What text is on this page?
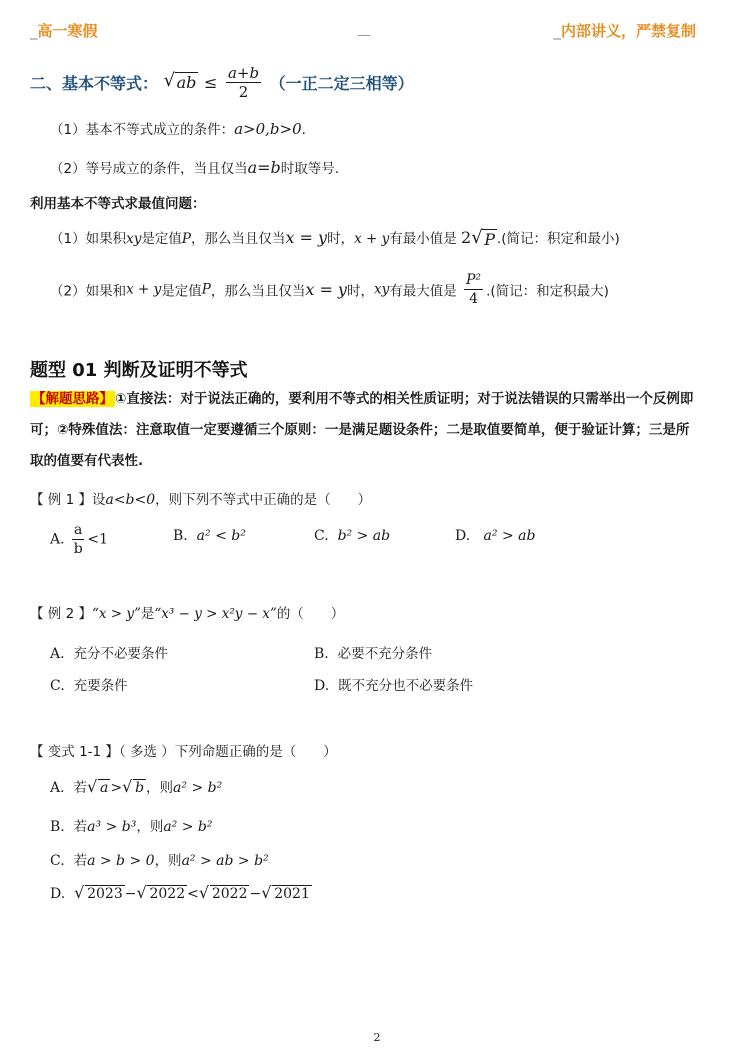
_高一寒假	__	_内部讲义，严禁复制
二、基本不等式： √ ab ≤ $\frac{a+b}{2}$ （一正二定三相等）
（1）基本不等式成立的条件：a>0,b>0.
（2）等号成立的条件，当且仅当a=b时取等号.
利用基本不等式求最值问题：
（1）如果积xy是定值P，那么当且仅当x = y时，x + y有最小值是 2 √ P .(简记：积定和最小)
（2）如果和x + y是定值P，那么当且仅当x = y时，xy有最大值是 $\frac{\text{P²}}{4}$ .(简记：和定积最大)
题型 01 判断及证明不等式
【解题思路】 ①直接法：对于说法正确的，要利用不等式的相关性质证明；对于说法错误的只需举出一个反例即可；②特殊值法：注意取值一定要遵循三个原则：一是满足题设条件；二是取值要简单，便于验证计算；三是所取的值要有代表性.
【 例 1 】设a<b<0，则下列不等式中正确的是（　　）
A. $\frac{a}{b} <1$	B. a² < b²	C. b² > ab	D. a² > ab
【 例 2 】“x > y”是“x³ − y > x²y − x”的（　　）
A. 充分不必要条件	B. 必要不充分条件
C. 充要条件	D. 既不充分也不必要条件
【 变式 1-1 】（ 多选 ）下列命题正确的是（　　）
A. 若 √ a > √ b ，则a² > b²
B. 若a³ > b³，则a² > b²
C. 若a > b > 0，则a² > ab > b²
D. √ 2023 − √ 2022 < √ 2022 − √ 2021
2
